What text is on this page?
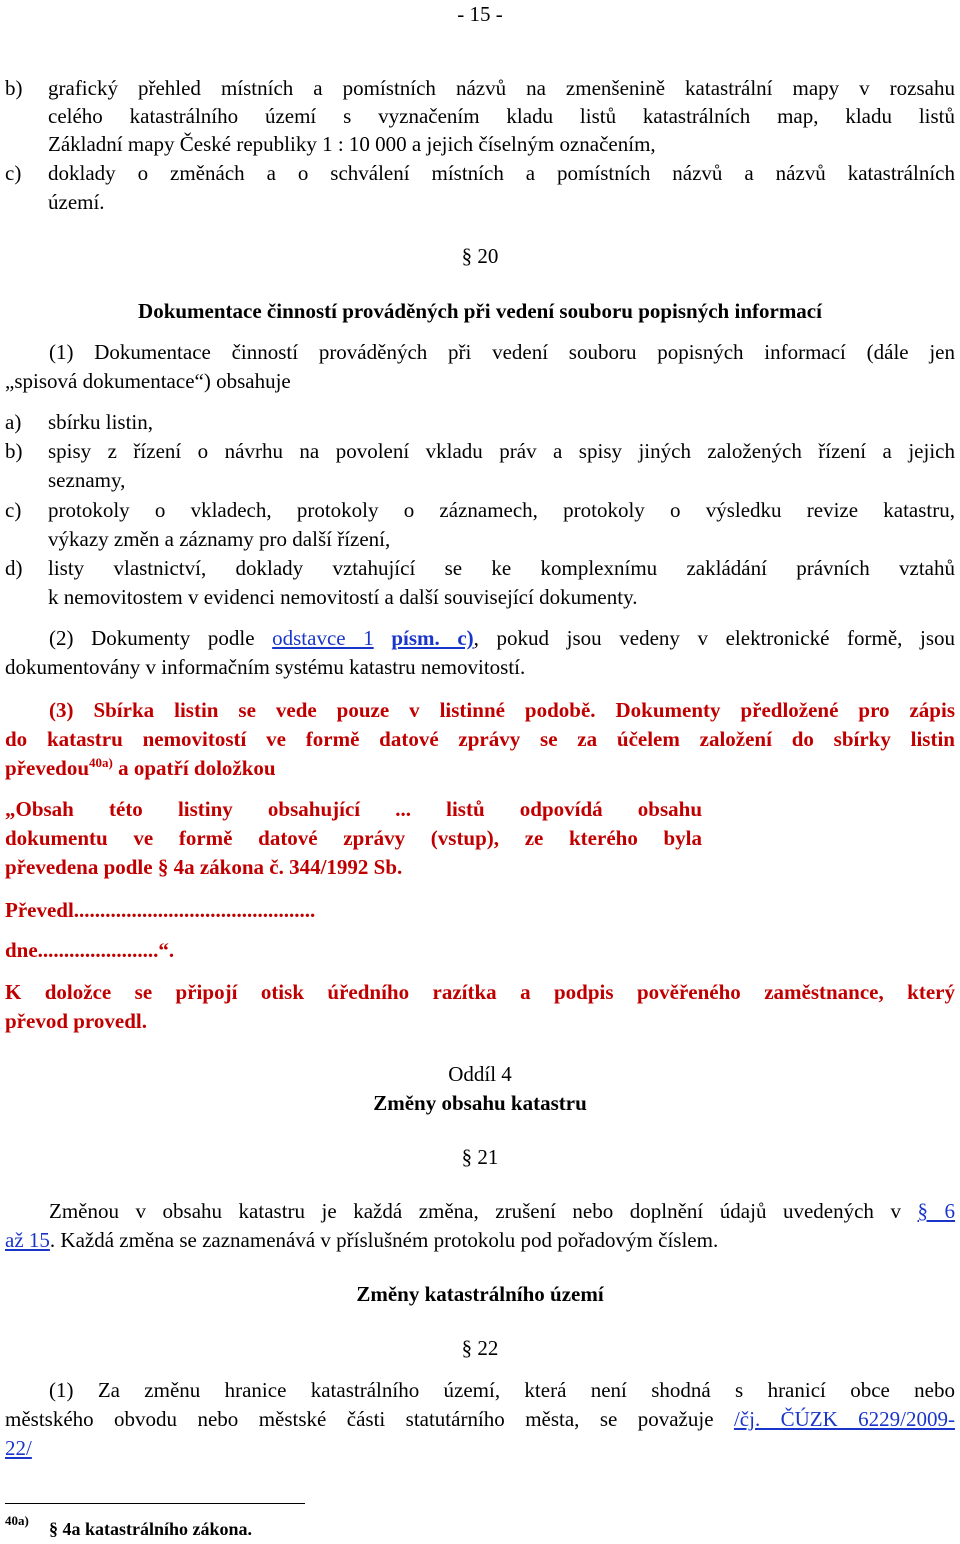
- 15 -
b) grafický přehled místních a pomístních názvů na zmenšenině katastrální mapy v rozsahu
celého katastrálního území s vyznačením kladu listů katastrálních map, kladu listů
Základní mapy České republiky 1 : 10 000 a jejich číselným označením,
c) doklady o změnách a o schválení místních a pomístních názvů a názvů katastrálních
území.
§ 20
Dokumentace činností prováděných při vedení souboru popisných informací
(1) Dokumentace činností prováděných při vedení souboru popisných informací (dále jen
„spisová dokumentace“) obsahuje
a) sbírku listin,
b) spisy z řízení o návrhu na povolení vkladu práv a spisy jiných založených řízení a jejich
seznamy,
c) protokoly o vkladech, protokoly o záznamech, protokoly o výsledku revize katastru,
výkazy změn a záznamy pro další řízení,
d) listy vlastnictví, doklady vztahující se ke komplexnímu zakládání právních vztahů
k nemovitostem v evidenci nemovitostí a další související dokumenty.
(2) Dokumenty podle odstavce 1 písm. c), pokud jsou vedeny v elektronické formě, jsou
dokumentovány v informačním systému katastru nemovitostí.
(3) Sbírka listin se vede pouze v listinné podobě. Dokumenty předložené pro zápis
do katastru nemovitostí ve formě datové zprávy se za účelem založení do sbírky listin
převedou$^{40a)}$ a opatří doložkou
„Obsah této listiny obsahující ... listů odpovídá obsahu
dokumentu ve formě datové zprávy (vstup), ze kterého byla
převedena podle § 4a zákona č. 344/1992 Sb.
Převedl..............................................
dne.......................“.
K doložce se připojí otisk úředního razítka a podpis pověřeného zaměstnance, který
převod provedl.
Oddíl 4
Změny obsahu katastru
§ 21
Změnou v obsahu katastru je každá změna, zrušení nebo doplnění údajů uvedených v § 6
až 15. Každá změna se zaznamenává v příslušném protokolu pod pořadovým číslem.
Změny katastrálního území
§ 22
(1) Za změnu hranice katastrálního území, která není shodná s hranicí obce nebo
městského obvodu nebo městské části statutárního města, se považuje /čj. ČÚZK 6229/2009-
22/
40a) § 4a katastrálního zákona.
